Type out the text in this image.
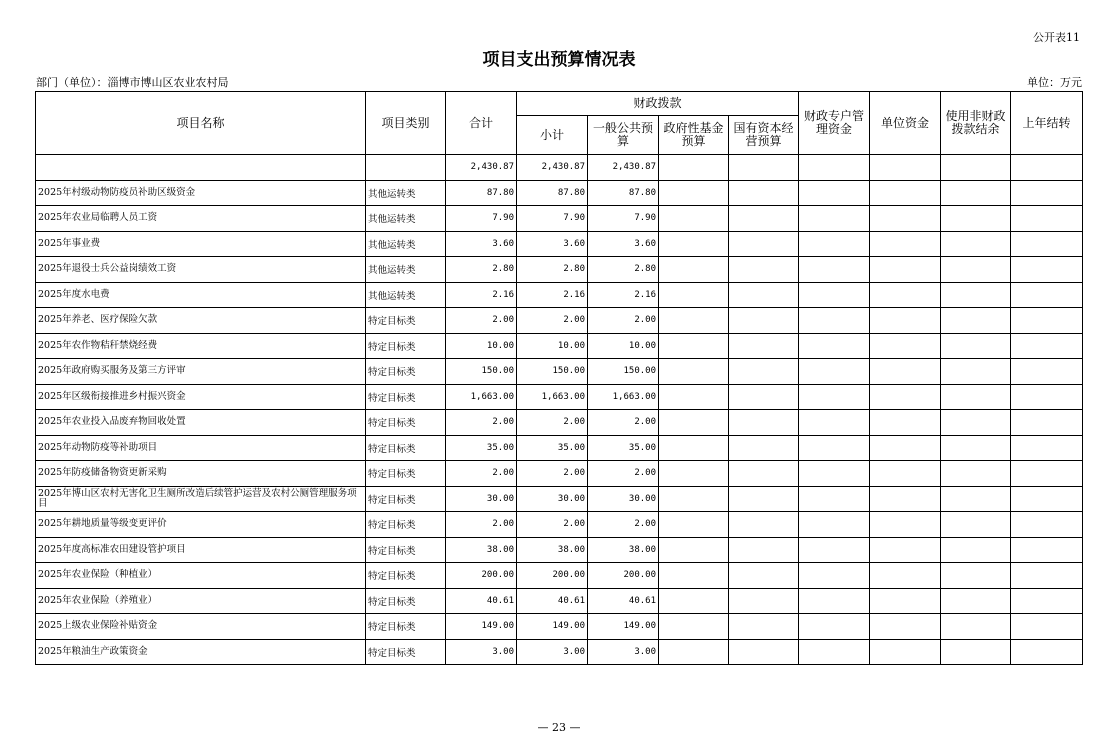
公开表11
项目支出预算情况表
部门（单位）：淄博市博山区农业农村局	单位：万元
项目名称	项目类别	合计	财政拨款				财政专户管理资金	单位资金	使用非财政拨款结余	上年结转
			小计	一般公共预算	政府性基金预算	国有资本经营预算				
		2,430.87	2,430.87	2,430.87						
2025年村级动物防疫员补助区级资金	其他运转类	87.80	87.80	87.80						
2025年农业局临聘人员工资	其他运转类	7.90	7.90	7.90						
2025年事业费	其他运转类	3.60	3.60	3.60						
2025年退役士兵公益岗绩效工资	其他运转类	2.80	2.80	2.80						
2025年度水电费	其他运转类	2.16	2.16	2.16						
2025年养老、医疗保险欠款	特定目标类	2.00	2.00	2.00						
2025年农作物秸秆禁烧经费	特定目标类	10.00	10.00	10.00						
2025年政府购买服务及第三方评审	特定目标类	150.00	150.00	150.00						
2025年区级衔接推进乡村振兴资金	特定目标类	1,663.00	1,663.00	1,663.00						
2025年农业投入品废弃物回收处置	特定目标类	2.00	2.00	2.00						
2025年动物防疫等补助项目	特定目标类	35.00	35.00	35.00						
2025年防疫储备物资更新采购	特定目标类	2.00	2.00	2.00						
2025年博山区农村无害化卫生厕所改造后续管护运营及农村公厕管理服务项目	特定目标类	30.00	30.00	30.00						
2025年耕地质量等级变更评价	特定目标类	2.00	2.00	2.00						
2025年度高标准农田建设管护项目	特定目标类	38.00	38.00	38.00						
2025年农业保险（种植业）	特定目标类	200.00	200.00	200.00						
2025年农业保险（养殖业）	特定目标类	40.61	40.61	40.61						
2025上级农业保险补贴资金	特定目标类	149.00	149.00	149.00						
2025年粮油生产政策资金	特定目标类	3.00	3.00	3.00						
— 23 —
